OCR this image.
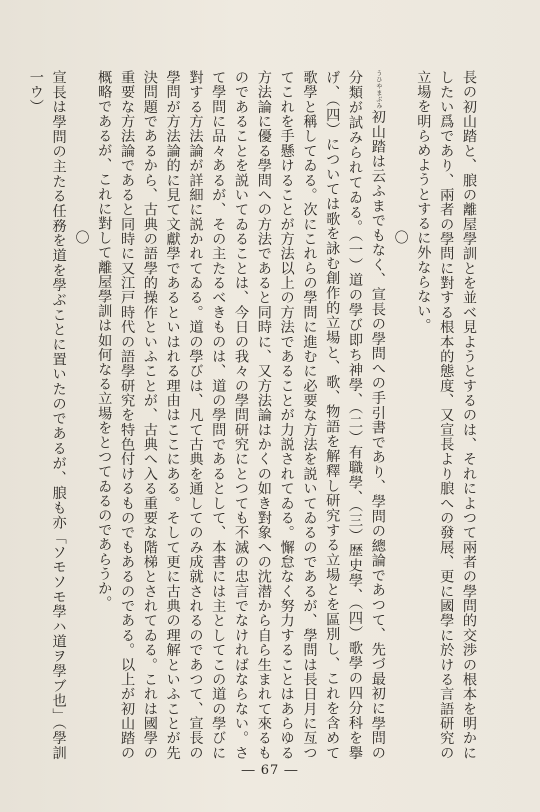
長の初山踏と、朖の離屋學訓とを並べ見ようとするのは、それによつて兩者の學問的交渉の根本を明かにしたい爲であり、兩者の學問に對する根本的態度、又宣長より朖への發展、更に國學に於ける言語研究の立場を明らめようとするに外ならない。

〇

うひやまぶみ初山踏は云ふまでもなく、宣長の學問への手引書であり、學問の總論であつて、先づ最初に學問の分類が試みられてゐる。（一）道の學び即ち神學、（二）有職學、（三）歴史學、（四）歌學の四分科を擧げ、（四）については歌を詠む創作的立場と、歌、物語を解釋し研究する立場とを區別し、これを含めて歌學と稱してゐる。次にこれらの學問に進むに必要な方法を説いてゐるのであるが、學問は長日月に亙つてこれを手懸けることが方法以上の方法であることが力説されてゐる。懈怠なく努力することはあらゆる方法論に優る學問への方法であると同時に、又方法論はかくの如き對象への沈潜から自ら生まれて來るものであることを説いてゐることは、今日の我々の學問研究にとつても不滅の忠言でなければならない。さて學問に品々あるが、その主たるべきものは、道の學問であるとして、本書には主としてこの道の學びに對する方法論が詳細に説かれてゐる。道の學びは、凡て古典を通してのみ成就されるのであつて、宣長の學問が方法論的に見て文獻學であるといはれる理由はここにある。そして更に古典の理解といふことが先決問題であるから、古典の語學的操作といふことが、古典へ入る重要な階梯とされてゐる。これは國學の重要な方法論であると同時に又江戸時代の語學研究を特色付けるものでもあるのである。以上が初山踏の概略であるが、これに對して離屋學訓は如何なる立場をとつてゐるのであらうか。

〇

宣長は學問の主たる任務を道を學ぶことに置いたのであるが、朖も亦「ソモソモ學ハ道ヲ學ブ也」（學訓一ウ）

― 67 ―
